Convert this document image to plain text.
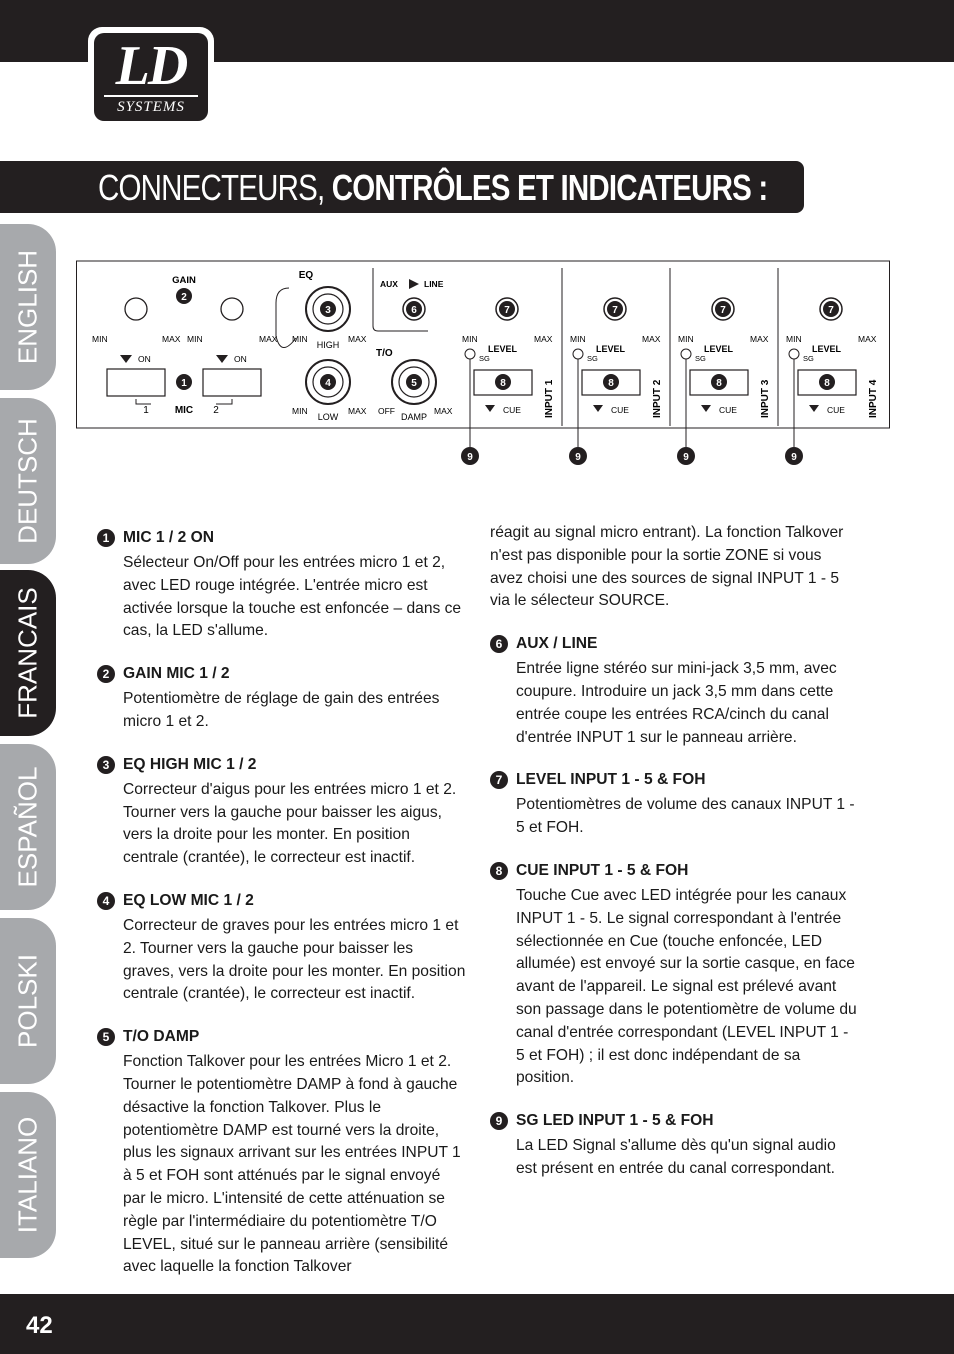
LD
SYSTEMS
CONNECTEURS, CONTRÔLES ET INDICATEURS :
ENGLISH
DEUTSCH
FRANCAIS
ESPAÑOL
POLSKI
ITALIANO
GAIN
2
MIN	MAX MIN	MAX
ON	ON
1
1	MIC 2
EQ
3
MIN
HIGH
MAX
4
MIN
LOW
MAX
AUX	LINE
6
T/O
5
OFF
DAMP
MAX
7
MIN	MAX
SG
LEVEL
8
CUE INPUT 1
9
7
MIN	MAX
SG
LEVEL
8
CUE INPUT 2
9
7
MIN	MAX
SG
LEVEL
8
CUE INPUT 3
9
7
MIN	MAX
SG
LEVEL
8
CUE INPUT 4
9
1 MIC 1 / 2 ON

Sélecteur On/Off pour les entrées micro 1 et 2, avec LED rouge intégrée. L'entrée micro est activée lorsque la touche est enfoncée – dans ce cas, la LED s'allume.

2 GAIN MIC 1 / 2

Potentiomètre de réglage de gain des entrées micro 1 et 2.

3 EQ HIGH MIC 1 / 2

Correcteur d'aigus pour les entrées micro 1 et 2. Tourner vers la gauche pour baisser les aigus, vers la droite pour les monter. En position centrale (crantée), le correcteur est inactif.

4 EQ LOW MIC 1 / 2

Correcteur de graves pour les entrées micro 1 et 2. Tourner vers la gauche pour baisser les graves, vers la droite pour les monter. En position centrale (crantée), le correcteur est inactif.

5 T/O DAMP

Fonction Talkover pour les entrées Micro 1 et 2. Tourner le potentiomètre DAMP à fond à gauche désactive la fonction Talkover. Plus le potentiomètre DAMP est tourné vers la droite, plus les signaux arrivant sur les entrées INPUT 1 à 5 et FOH sont atténués par le signal envoyé par le micro. L'intensité de cette atténuation se règle par l'intermédiaire du potentiomètre T/O LEVEL, situé sur le panneau arrière (sensibilité avec laquelle la fonction Talkover

réagit au signal micro entrant). La fonction Talkover n'est pas disponible pour la sortie ZONE si vous avez choisi une des sources de signal INPUT 1 - 5 via le sélecteur SOURCE.

6 AUX / LINE

Entrée ligne stéréo sur mini-jack 3,5 mm, avec coupure. Introduire un jack 3,5 mm dans cette entrée coupe les entrées RCA/cinch du canal d'entrée INPUT 1 sur le panneau arrière.

7 LEVEL INPUT 1 - 5 & FOH

Potentiomètres de volume des canaux INPUT 1 - 5 et FOH.

8 CUE INPUT 1 - 5 & FOH

Touche Cue avec LED intégrée pour les canaux INPUT 1 - 5. Le signal correspondant à l'entrée sélectionnée en Cue (touche enfoncée, LED allumée) est envoyé sur la sortie casque, en face avant de l'appareil. Le signal est prélevé avant son passage dans le potentiomètre de volume du canal d'entrée correspondant (LEVEL INPUT 1 - 5 et FOH) ; il est donc indépendant de sa position.

9 SG LED INPUT 1 - 5 & FOH

La LED Signal s'allume dès qu'un signal audio est présent en entrée du canal correspondant.

42
